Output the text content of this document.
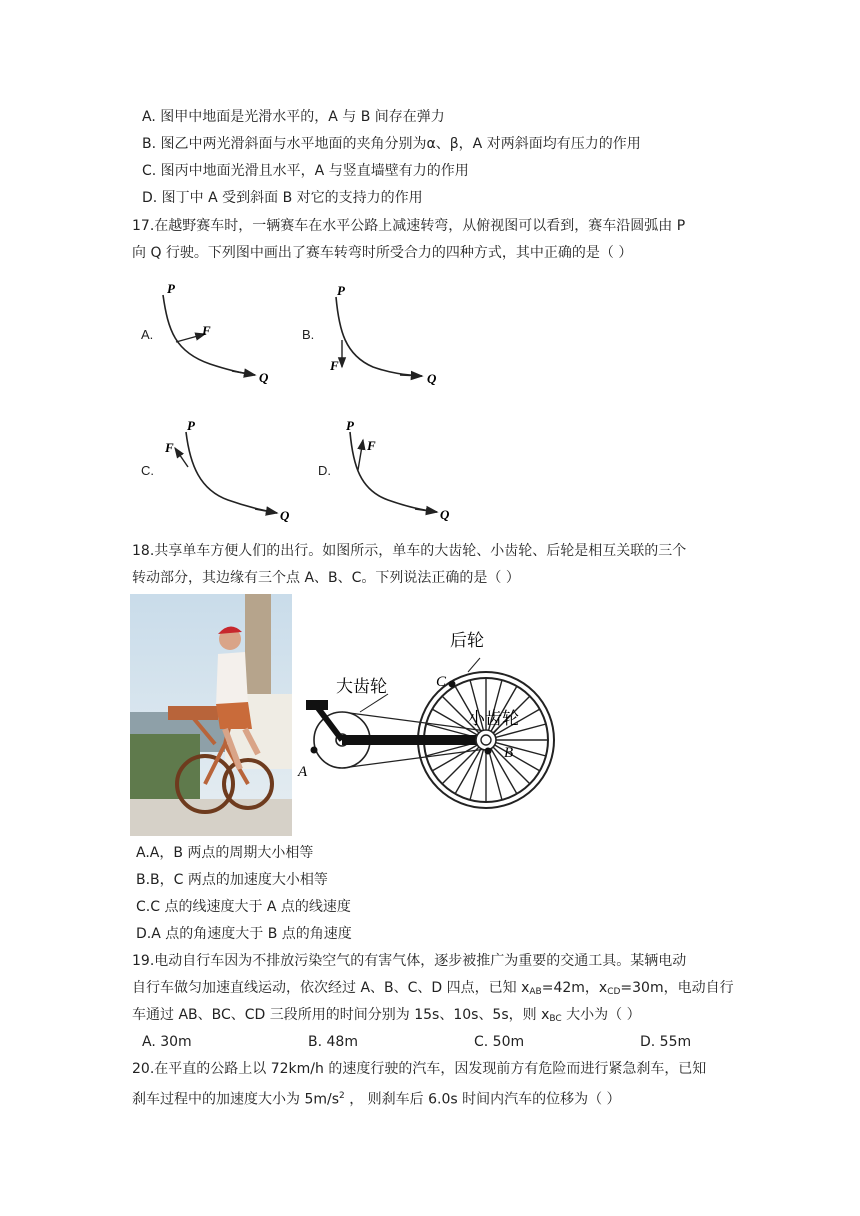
A. 图甲中地面是光滑水平的，A 与 B 间存在弹力
B. 图乙中两光滑斜面与水平地面的夹角分别为α、β，A 对两斜面均有压力的作用
C. 图丙中地面光滑且水平，A 与竖直墙壁有力的作用
D. 图丁中 A 受到斜面 B 对它的支持力的作用
17.在越野赛车时，一辆赛车在水平公路上减速转弯，从俯视图可以看到，赛车沿圆弧由 P
向 Q 行驶。下列图中画出了赛车转弯时所受合力的四种方式，其中正确的是（ ）
A.	B.
C.	D.
P
F
Q
P
F
Q
P
F
Q
P
F
Q
18.共享单车方便人们的出行。如图所示，单车的大齿轮、小齿轮、后轮是相互关联的三个
转动部分，其边缘有三个点 A、B、C。下列说法正确的是（ ）
后轮
大齿轮
小齿轮
A
B
C
A.A，B 两点的周期大小相等
B.B，C 两点的加速度大小相等
C.C 点的线速度大于 A 点的线速度
D.A 点的角速度大于 B 点的角速度
19.电动自行车因为不排放污染空气的有害气体，逐步被推广为重要的交通工具。某辆电动
自行车做匀加速直线运动，依次经过 A、B、C、D 四点，已知 $x_{AB}=42m$，$x_{CD}=30m$，电动自行
车通过 AB、BC、CD 三段所用的时间分别为 15s、10s、5s，则 $x_{BC}$ 大小为（ ）
A. 30m	B. 48m	C. 50m	D. 55m
20.在平直的公路上以 72km/h 的速度行驶的汽车，因发现前方有危险而进行紧急刹车，已知
刹车过程中的加速度大小为 $5m/s^2$ ， 则刹车后 6.0s 时间内汽车的位移为（ ）
